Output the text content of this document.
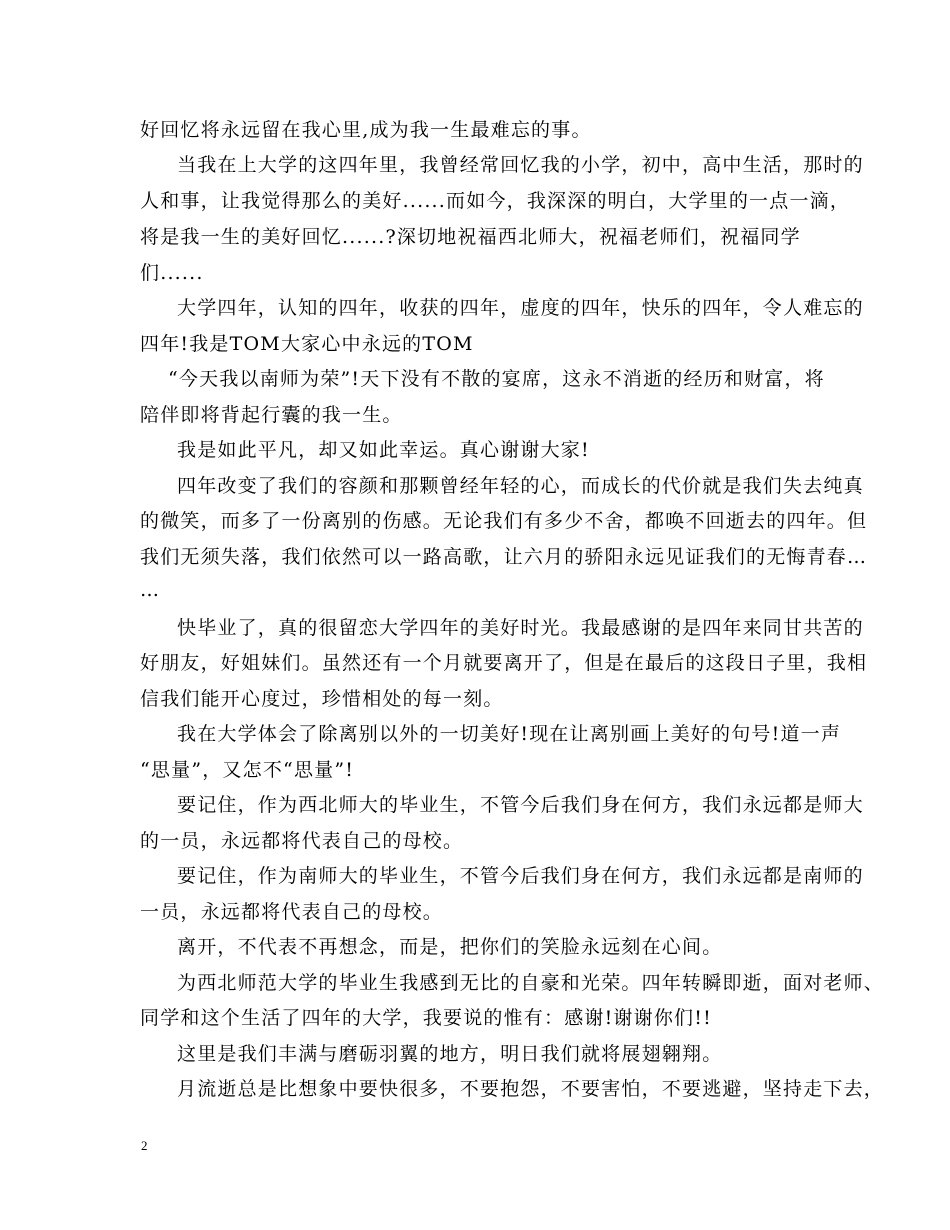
好回忆将永远留在我心里,成为我一生最难忘的事。
当我在上大学的这四年里，我曾经常回忆我的小学，初中，高中生活，那时的
人和事，让我觉得那么的美好......而如今，我深深的明白，大学里的一点一滴，
将是我一生的美好回忆......?深切地祝福西北师大，祝福老师们，祝福同学
们......
大学四年，认知的四年，收获的四年，虚度的四年，快乐的四年，令人难忘的
四年!我是TOM大家心中永远的TOM
“今天我以南师为荣”!天下没有不散的宴席，这永不消逝的经历和财富，将
陪伴即将背起行囊的我一生。
我是如此平凡，却又如此幸运。真心谢谢大家!
四年改变了我们的容颜和那颗曾经年轻的心，而成长的代价就是我们失去纯真
的微笑，而多了一份离别的伤感。无论我们有多少不舍，都唤不回逝去的四年。但
我们无须失落，我们依然可以一路高歌，让六月的骄阳永远见证我们的无悔青春…
…
快毕业了，真的很留恋大学四年的美好时光。我最感谢的是四年来同甘共苦的
好朋友，好姐妹们。虽然还有一个月就要离开了，但是在最后的这段日子里，我相
信我们能开心度过，珍惜相处的每一刻。
我在大学体会了除离别以外的一切美好!现在让离别画上美好的句号!道一声
“思量”，又怎不“思量”!
要记住，作为西北师大的毕业生，不管今后我们身在何方，我们永远都是师大
的一员，永远都将代表自己的母校。
要记住，作为南师大的毕业生，不管今后我们身在何方，我们永远都是南师的
一员，永远都将代表自己的母校。
离开，不代表不再想念，而是，把你们的笑脸永远刻在心间。
为西北师范大学的毕业生我感到无比的自豪和光荣。四年转瞬即逝，面对老师、
同学和这个生活了四年的大学，我要说的惟有：感谢!谢谢你们!!
这里是我们丰满与磨砺羽翼的地方，明日我们就将展翅翱翔。
月流逝总是比想象中要快很多，不要抱怨，不要害怕，不要逃避，坚持走下去，
2
